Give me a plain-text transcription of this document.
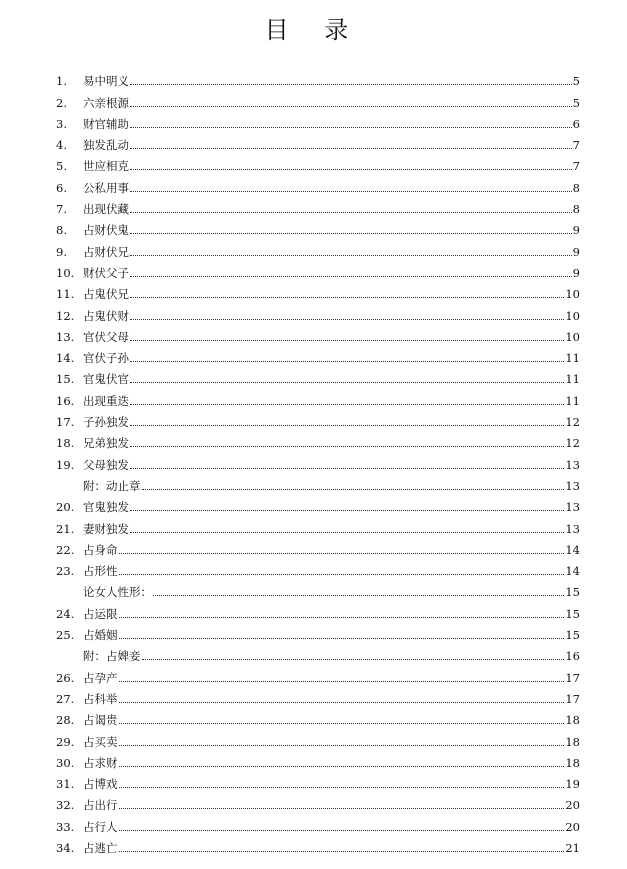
目 录
1.	易中明义	5
2.	六亲根源	5
3.	财官辅助	6
4.	独发乱动	7
5.	世应相克	7
6.	公私用事	8
7.	出现伏藏	8
8.	占财伏鬼	9
9.	占财伏兄	9
10. 财伏父子	9
11. 占鬼伏兄	10
12. 占鬼伏财	10
13. 官伏父母	10
14. 官伏子孙	11
15. 官鬼伏官	11
16. 出现重迭	11
17. 子孙独发	12
18. 兄弟独发	12
19. 父母独发	13
附：动止章	13
20. 官鬼独发	13
21. 妻财独发	13
22. 占身命	14
23. 占形性	14
论女人性形：	15
24. 占运限	15
25. 占婚姻	15
附：占婢妾	16
26. 占孕产	17
27. 占科举	17
28. 占谒贵	18
29. 占买卖	18
30. 占求财	18
31. 占博戏	19
32. 占出行	20
33. 占行人	20
34. 占逃亡	21
